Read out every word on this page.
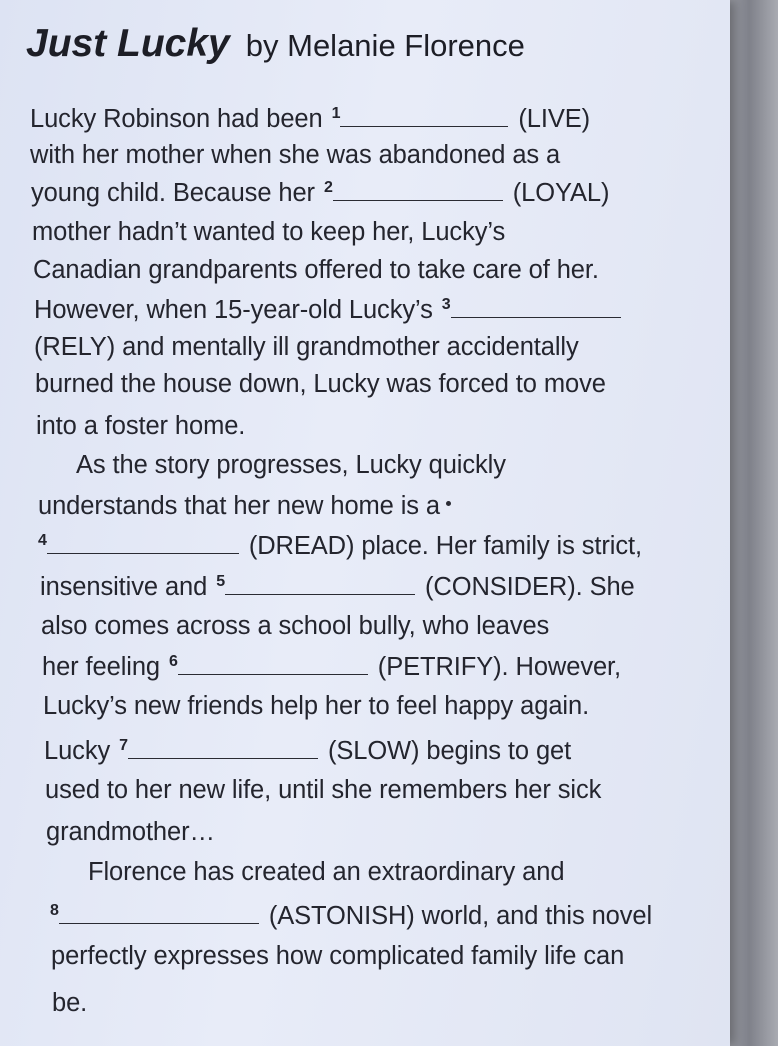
Just Lucky by Melanie Florence
Lucky Robinson had been $^1$	(LIVE)
with her mother when she was abandoned as a
young child. Because her $^2$	(LOYAL)
mother hadn’t wanted to keep her, Lucky’s
Canadian grandparents offered to take care of her.
However, when 15-year-old Lucky’s $^3$
(RELY) and mentally ill grandmother accidentally
burned the house down, Lucky was forced to move
into a foster home.
As the story progresses, Lucky quickly
understands that her new home is a
$^4$	(DREAD) place. Her family is strict,
insensitive and $^5$	(CONSIDER). She
also comes across a school bully, who leaves
her feeling $^6$	(PETRIFY). However,
Lucky’s new friends help her to feel happy again.
Lucky $^7$	(SLOW) begins to get
used to her new life, until she remembers her sick
grandmother…
Florence has created an extraordinary and
$^8$	(ASTONISH) world, and this novel
perfectly expresses how complicated family life can
be.
